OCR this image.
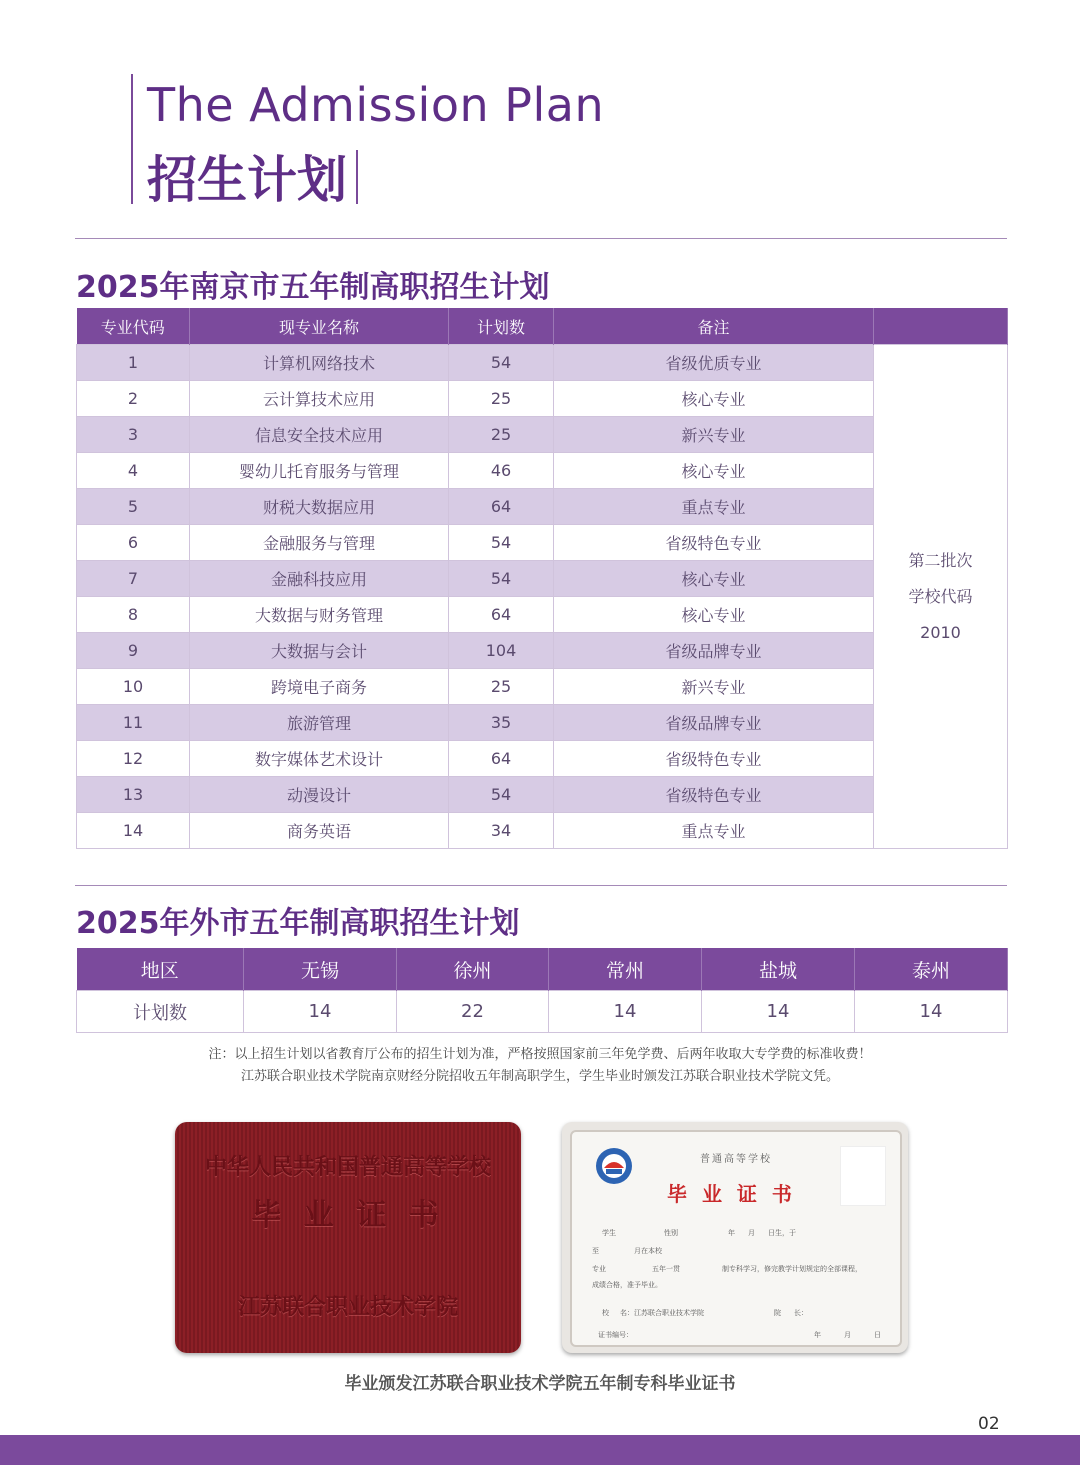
The Admission Plan
招生计划
2025年南京市五年制高职招生计划
专业代码	现专业名称	计划数	备注	
1	计算机网络技术	54	省级优质专业	第二批次
学校代码
2010

2	云计算技术应用	25	核心专业	
3	信息安全技术应用	25	新兴专业	
4	婴幼儿托育服务与管理	46	核心专业	
5	财税大数据应用	64	重点专业	
6	金融服务与管理	54	省级特色专业	
7	金融科技应用	54	核心专业	
8	大数据与财务管理	64	核心专业	
9	大数据与会计	104	省级品牌专业	
10	跨境电子商务	25	新兴专业	
11	旅游管理	35	省级品牌专业	
12	数字媒体艺术设计	64	省级特色专业	
13	动漫设计	54	省级特色专业	
14	商务英语	34	重点专业	
2025年外市五年制高职招生计划
地区	无锡	徐州	常州	盐城	泰州
计划数	14	22	14	14	14

注：以上招生计划以省教育厅公布的招生计划为准，严格按照国家前三年免学费、后两年收取大专学费的标准收费！

江苏联合职业技术学院南京财经分院招收五年制高职学生，学生毕业时颁发江苏联合职业技术学院文凭。

中华人民共和国普通高等学校
毕 业 证 书
江苏联合职业技术学院
普通高等学校
毕 业 证 书
学生	性别	年 月 日生，于
至	月在本校
专业	五年一贯	制专科学习，修完教学计划规定的全部课程，
成绩合格，准予毕业。
校 名：江苏联合职业技术学院	院 长：
证书编号：	年	月	日

毕业颁发江苏联合职业技术学院五年制专科毕业证书

02
